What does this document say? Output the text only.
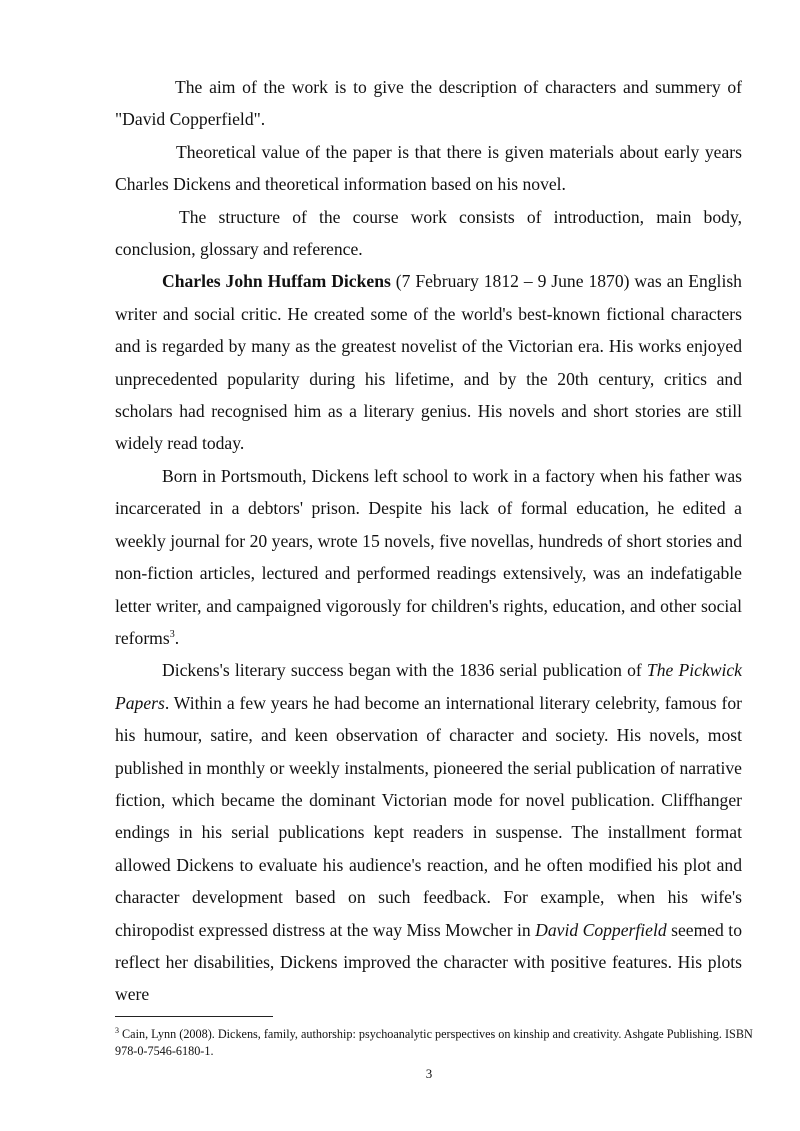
The aim of the work is to give the description of characters and summery of "David Copperfield".

Theoretical value of the paper is that there is given materials about early years Charles Dickens and theoretical information based on his novel.

The structure of the course work consists of introduction, main body, conclusion, glossary and reference.

Charles John Huffam Dickens (7 February 1812 – 9 June 1870) was an English writer and social critic. He created some of the world's best-known fictional characters and is regarded by many as the greatest novelist of the Victorian era. His works enjoyed unprecedented popularity during his lifetime, and by the 20th century, critics and scholars had recognised him as a literary genius. His novels and short stories are still widely read today.

Born in Portsmouth, Dickens left school to work in a factory when his father was incarcerated in a debtors' prison. Despite his lack of formal education, he edited a weekly journal for 20 years, wrote 15 novels, five novellas, hundreds of short stories and non-fiction articles, lectured and performed readings extensively, was an indefatigable letter writer, and campaigned vigorously for children's rights, education, and other social reforms$^3$.

Dickens's literary success began with the 1836 serial publication of The Pickwick Papers. Within a few years he had become an international literary celebrity, famous for his humour, satire, and keen observation of character and society. His novels, most published in monthly or weekly instalments, pioneered the serial publication of narrative fiction, which became the dominant Victorian mode for novel publication. Cliffhanger endings in his serial publications kept readers in suspense. The installment format allowed Dickens to evaluate his audience's reaction, and he often modified his plot and character development based on such feedback. For example, when his wife's chiropodist expressed distress at the way Miss Mowcher in David Copperfield seemed to reflect her disabilities, Dickens improved the character with positive features. His plots were

$^3$ Cain, Lynn (2008). Dickens, family, authorship: psychoanalytic perspectives on kinship and creativity. Ashgate Publishing. ISBN 978-0-7546-6180-1.
3
